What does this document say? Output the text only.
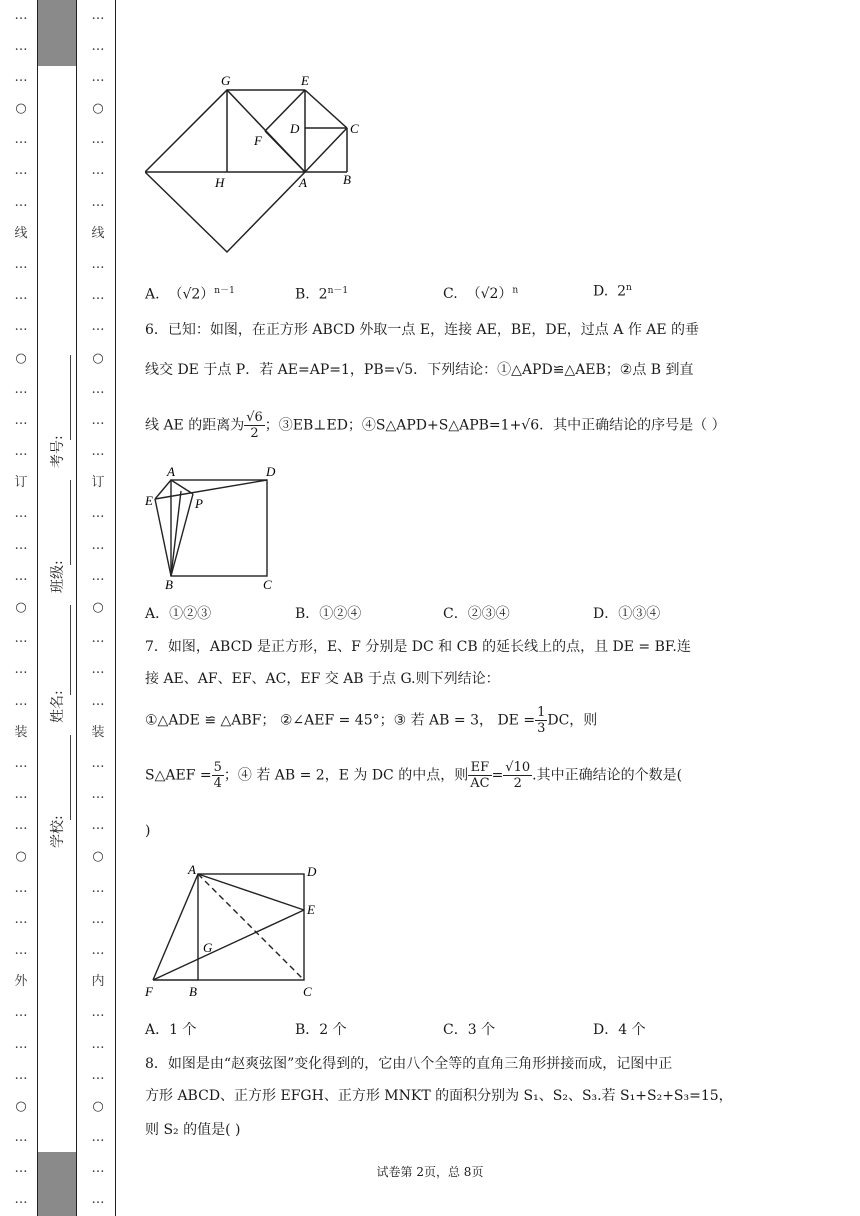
…
…
…
○
…
…
…
线
…
…
…
○
…
…
…
订
…
…
…
○
…
…
…
装
…
…
…
○
…
…
…
外
…
…
…
○
…
…
…
…
…
…
○
…
…
…
线
…
…
…
○
…
…
…
订
…
…
…
○
…
…
…
装
…
…
…
○
…
…
…
内
…
…
…
○
…
…
…
学校:
姓名:
班级:
考号:
G	E
F
D	C
H	A	B
A. $(√2)^{n-1}$	B. $2^{n-1}$	C. $(√2)^n$	D. 2$^n$
6．已知：如图，在正方形 ABCD 外取一点 E，连接 AE，BE，DE，过点 A 作 AE 的垂
线交 DE 于点 P．若 AE=AP=1，PB=√5．下列结论：①△APD≌△AEB；②点 B 到直
线 AE 的距离为 $\frac{√6}{2}$ ；③EB⊥ED；④S△APD+S△APB=1+√6．其中正确结论的序号是（ ）
A	D
E	P
B	C
A．①②③	B．①②④	C．②③④	D．①③④
7．如图，ABCD 是正方形，E、F 分别是 DC 和 CB 的延长线上的点，且 DE = BF.连
接 AE、AF、EF、AC，EF 交 AB 于点 G.则下列结论：
①△ADE ≌ △ABF； ②∠AEF = 45°；③ 若 AB = 3， DE = $\frac{1}{3}$ DC，则
S△AEF = $\frac{5}{4}$ ；④ 若 AB = 2，E 为 DC 的中点，则 $\frac{EF}{AC} = \frac{√10}{2}$ .其中正确结论的个数是(
)
A	D
E
G
F	B	C
A．1 个	B．2 个	C．3 个	D．4 个
8．如图是由“赵爽弦图”变化得到的，它由八个全等的直角三角形拼接而成，记图中正
方形 ABCD、正方形 EFGH、正方形 MNKT 的面积分别为 S₁、S₂、S₃.若 S₁+S₂+S₃=15，
则 S₂ 的值是( )
试卷第 2页，总 8页
